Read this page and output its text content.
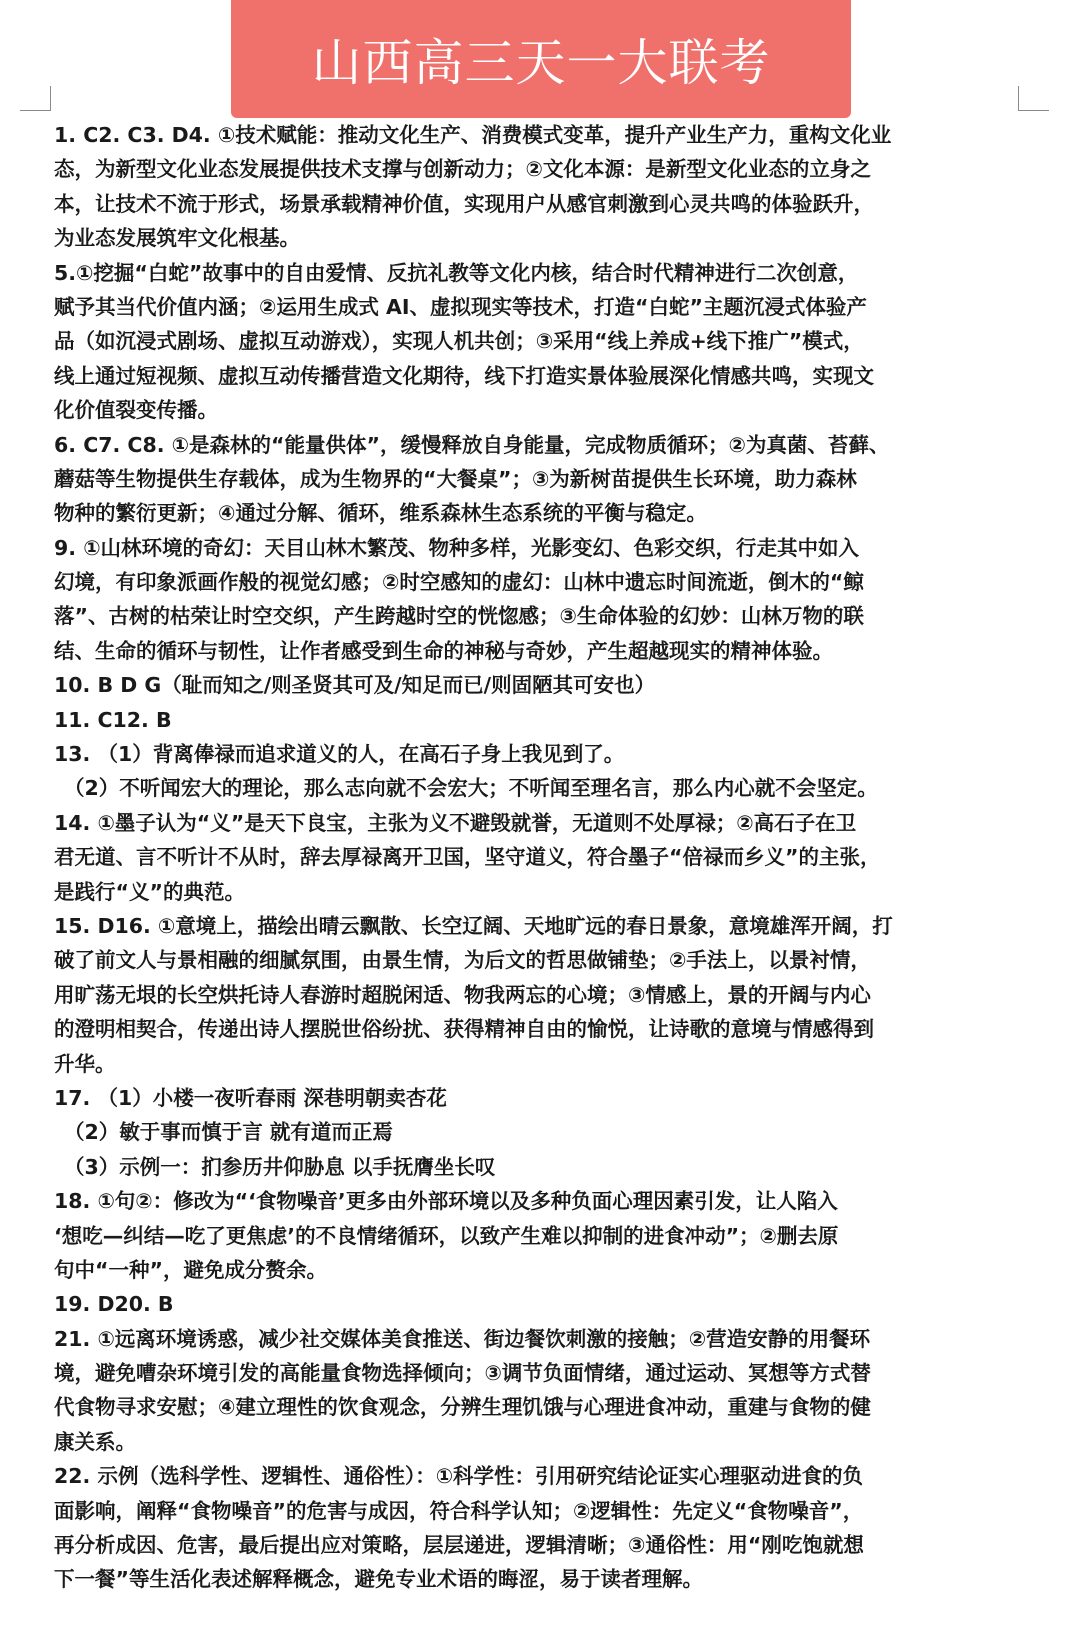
山西高三天一大联考
1. C2. C3. D4. ①技术赋能：推动文化生产、消费模式变革，提升产业生产力，重构文化业
态，为新型文化业态发展提供技术支撑与创新动力；②文化本源：是新型文化业态的立身之
本，让技术不流于形式，场景承载精神价值，实现用户从感官刺激到心灵共鸣的体验跃升，
为业态发展筑牢文化根基。
5.①挖掘“白蛇”故事中的自由爱情、反抗礼教等文化内核，结合时代精神进行二次创意，
赋予其当代价值内涵；②运用生成式 AI、虚拟现实等技术，打造“白蛇”主题沉浸式体验产
品（如沉浸式剧场、虚拟互动游戏），实现人机共创；③采用“线上养成+线下推广”模式，
线上通过短视频、虚拟互动传播营造文化期待，线下打造实景体验展深化情感共鸣，实现文
化价值裂变传播。
6. C7. C8. ①是森林的“能量供体”，缓慢释放自身能量，完成物质循环；②为真菌、苔藓、
蘑菇等生物提供生存载体，成为生物界的“大餐桌”；③为新树苗提供生长环境，助力森林
物种的繁衍更新；④通过分解、循环，维系森林生态系统的平衡与稳定。
9. ①山林环境的奇幻：天目山林木繁茂、物种多样，光影变幻、色彩交织，行走其中如入
幻境，有印象派画作般的视觉幻感；②时空感知的虚幻：山林中遗忘时间流逝，倒木的“鲸
落”、古树的枯荣让时空交织，产生跨越时空的恍惚感；③生命体验的幻妙：山林万物的联
结、生命的循环与韧性，让作者感受到生命的神秘与奇妙，产生超越现实的精神体验。
10. B D G（耻而知之/则圣贤其可及/知足而已/则固陋其可安也）
11. C12. B
13. （1）背离俸禄而追求道义的人，在高石子身上我见到了。
（2）不听闻宏大的理论，那么志向就不会宏大；不听闻至理名言，那么内心就不会坚定。
14. ①墨子认为“义”是天下良宝，主张为义不避毁就誉，无道则不处厚禄；②高石子在卫
君无道、言不听计不从时，辞去厚禄离开卫国，坚守道义，符合墨子“倍禄而乡义”的主张，
是践行“义”的典范。
15. D16. ①意境上，描绘出晴云飘散、长空辽阔、天地旷远的春日景象，意境雄浑开阔，打
破了前文人与景相融的细腻氛围，由景生情，为后文的哲思做铺垫；②手法上，以景衬情，
用旷荡无垠的长空烘托诗人春游时超脱闲适、物我两忘的心境；③情感上，景的开阔与内心
的澄明相契合，传递出诗人摆脱世俗纷扰、获得精神自由的愉悦，让诗歌的意境与情感得到
升华。
17. （1）小楼一夜听春雨 深巷明朝卖杏花
（2）敏于事而慎于言 就有道而正焉
（3）示例一：扪参历井仰胁息 以手抚膺坐长叹
18. ①句②：修改为“‘食物噪音’更多由外部环境以及多种负面心理因素引发，让人陷入
‘想吃—纠结—吃了更焦虑’的不良情绪循环，以致产生难以抑制的进食冲动”；②删去原
句中“一种”，避免成分赘余。
19. D20. B
21. ①远离环境诱惑，减少社交媒体美食推送、街边餐饮刺激的接触；②营造安静的用餐环
境，避免嘈杂环境引发的高能量食物选择倾向；③调节负面情绪，通过运动、冥想等方式替
代食物寻求安慰；④建立理性的饮食观念，分辨生理饥饿与心理进食冲动，重建与食物的健
康关系。
22. 示例（选科学性、逻辑性、通俗性）：①科学性：引用研究结论证实心理驱动进食的负
面影响，阐释“食物噪音”的危害与成因，符合科学认知；②逻辑性：先定义“食物噪音”，
再分析成因、危害，最后提出应对策略，层层递进，逻辑清晰；③通俗性：用“刚吃饱就想
下一餐”等生活化表述解释概念，避免专业术语的晦涩，易于读者理解。
